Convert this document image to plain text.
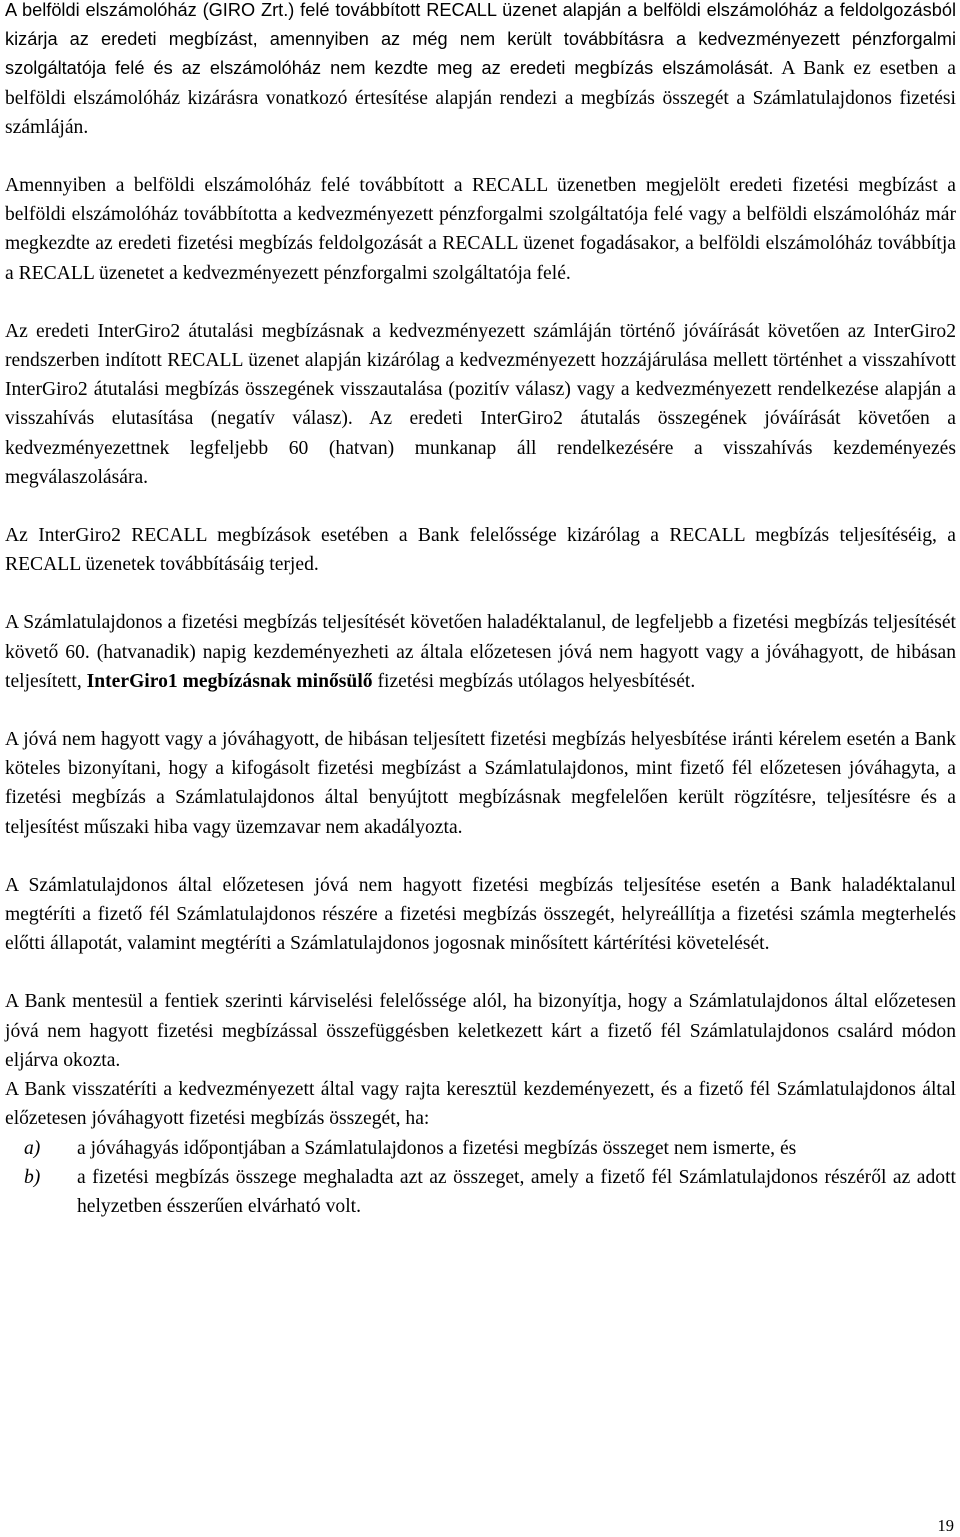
A belföldi elszámolóház (GIRO Zrt.) felé továbbított RECALL üzenet alapján a belföldi elszámolóház a feldolgozásból kizárja az eredeti megbízást, amennyiben az még nem került továbbításra a kedvezményezett pénzforgalmi szolgáltatója felé és az elszámolóház nem kezdte meg az eredeti megbízás elszámolását. A Bank ez esetben a belföldi elszámolóház kizárásra vonatkozó értesítése alapján rendezi a megbízás összegét a Számlatulajdonos fizetési számláján.

Amennyiben a belföldi elszámolóház felé továbbított a RECALL üzenetben megjelölt eredeti fizetési megbízást a belföldi elszámolóház továbbította a kedvezményezett pénzforgalmi szolgáltatója felé vagy a belföldi elszámolóház már megkezdte az eredeti fizetési megbízás feldolgozását a RECALL üzenet fogadásakor, a belföldi elszámolóház továbbítja a RECALL üzenetet a kedvezményezett pénzforgalmi szolgáltatója felé.

Az eredeti InterGiro2 átutalási megbízásnak a kedvezményezett számláján történő jóváírását követően az InterGiro2 rendszerben indított RECALL üzenet alapján kizárólag a kedvezményezett hozzájárulása mellett történhet a visszahívott InterGiro2 átutalási megbízás összegének visszautalása (pozitív válasz) vagy a kedvezményezett rendelkezése alapján a visszahívás elutasítása (negatív válasz). Az eredeti InterGiro2 átutalás összegének jóváírását követően a kedvezményezettnek legfeljebb 60 (hatvan) munkanap áll rendelkezésére a visszahívás kezdeményezés megválaszolására.

Az InterGiro2 RECALL megbízások esetében a Bank felelőssége kizárólag a RECALL megbízás teljesítéséig, a RECALL üzenetek továbbításáig terjed.

A Számlatulajdonos a fizetési megbízás teljesítését követően haladéktalanul, de legfeljebb a fizetési megbízás teljesítését követő 60. (hatvanadik) napig kezdeményezheti az általa előzetesen jóvá nem hagyott vagy a jóváhagyott, de hibásan teljesített, InterGiro1 megbízásnak minősülő fizetési megbízás utólagos helyesbítését.

A jóvá nem hagyott vagy a jóváhagyott, de hibásan teljesített fizetési megbízás helyesbítése iránti kérelem esetén a Bank köteles bizonyítani, hogy a kifogásolt fizetési megbízást a Számlatulajdonos, mint fizető fél előzetesen jóváhagyta, a fizetési megbízás a Számlatulajdonos által benyújtott megbízásnak megfelelően került rögzítésre, teljesítésre és a teljesítést műszaki hiba vagy üzemzavar nem akadályozta.

A Számlatulajdonos által előzetesen jóvá nem hagyott fizetési megbízás teljesítése esetén a Bank haladéktalanul megtéríti a fizető fél Számlatulajdonos részére a fizetési megbízás összegét, helyreállítja a fizetési számla megterhelés előtti állapotát, valamint megtéríti a Számlatulajdonos jogosnak minősített kártérítési követelését.

A Bank mentesül a fentiek szerinti kárviselési felelőssége alól, ha bizonyítja, hogy a Számlatulajdonos által előzetesen jóvá nem hagyott fizetési megbízással összefüggésben keletkezett kárt a fizető fél Számlatulajdonos csalárd módon eljárva okozta.

A Bank visszatéríti a kedvezményezett által vagy rajta keresztül kezdeményezett, és a fizető fél Számlatulajdonos által előzetesen jóváhagyott fizetési megbízás összegét, ha:

a)	a jóváhagyás időpontjában a Számlatulajdonos a fizetési megbízás összeget nem ismerte, és
b)	a fizetési megbízás összege meghaladta azt az összeget, amely a fizető fél Számlatulajdonos részéről az adott helyzetben ésszerűen elvárható volt.
19
